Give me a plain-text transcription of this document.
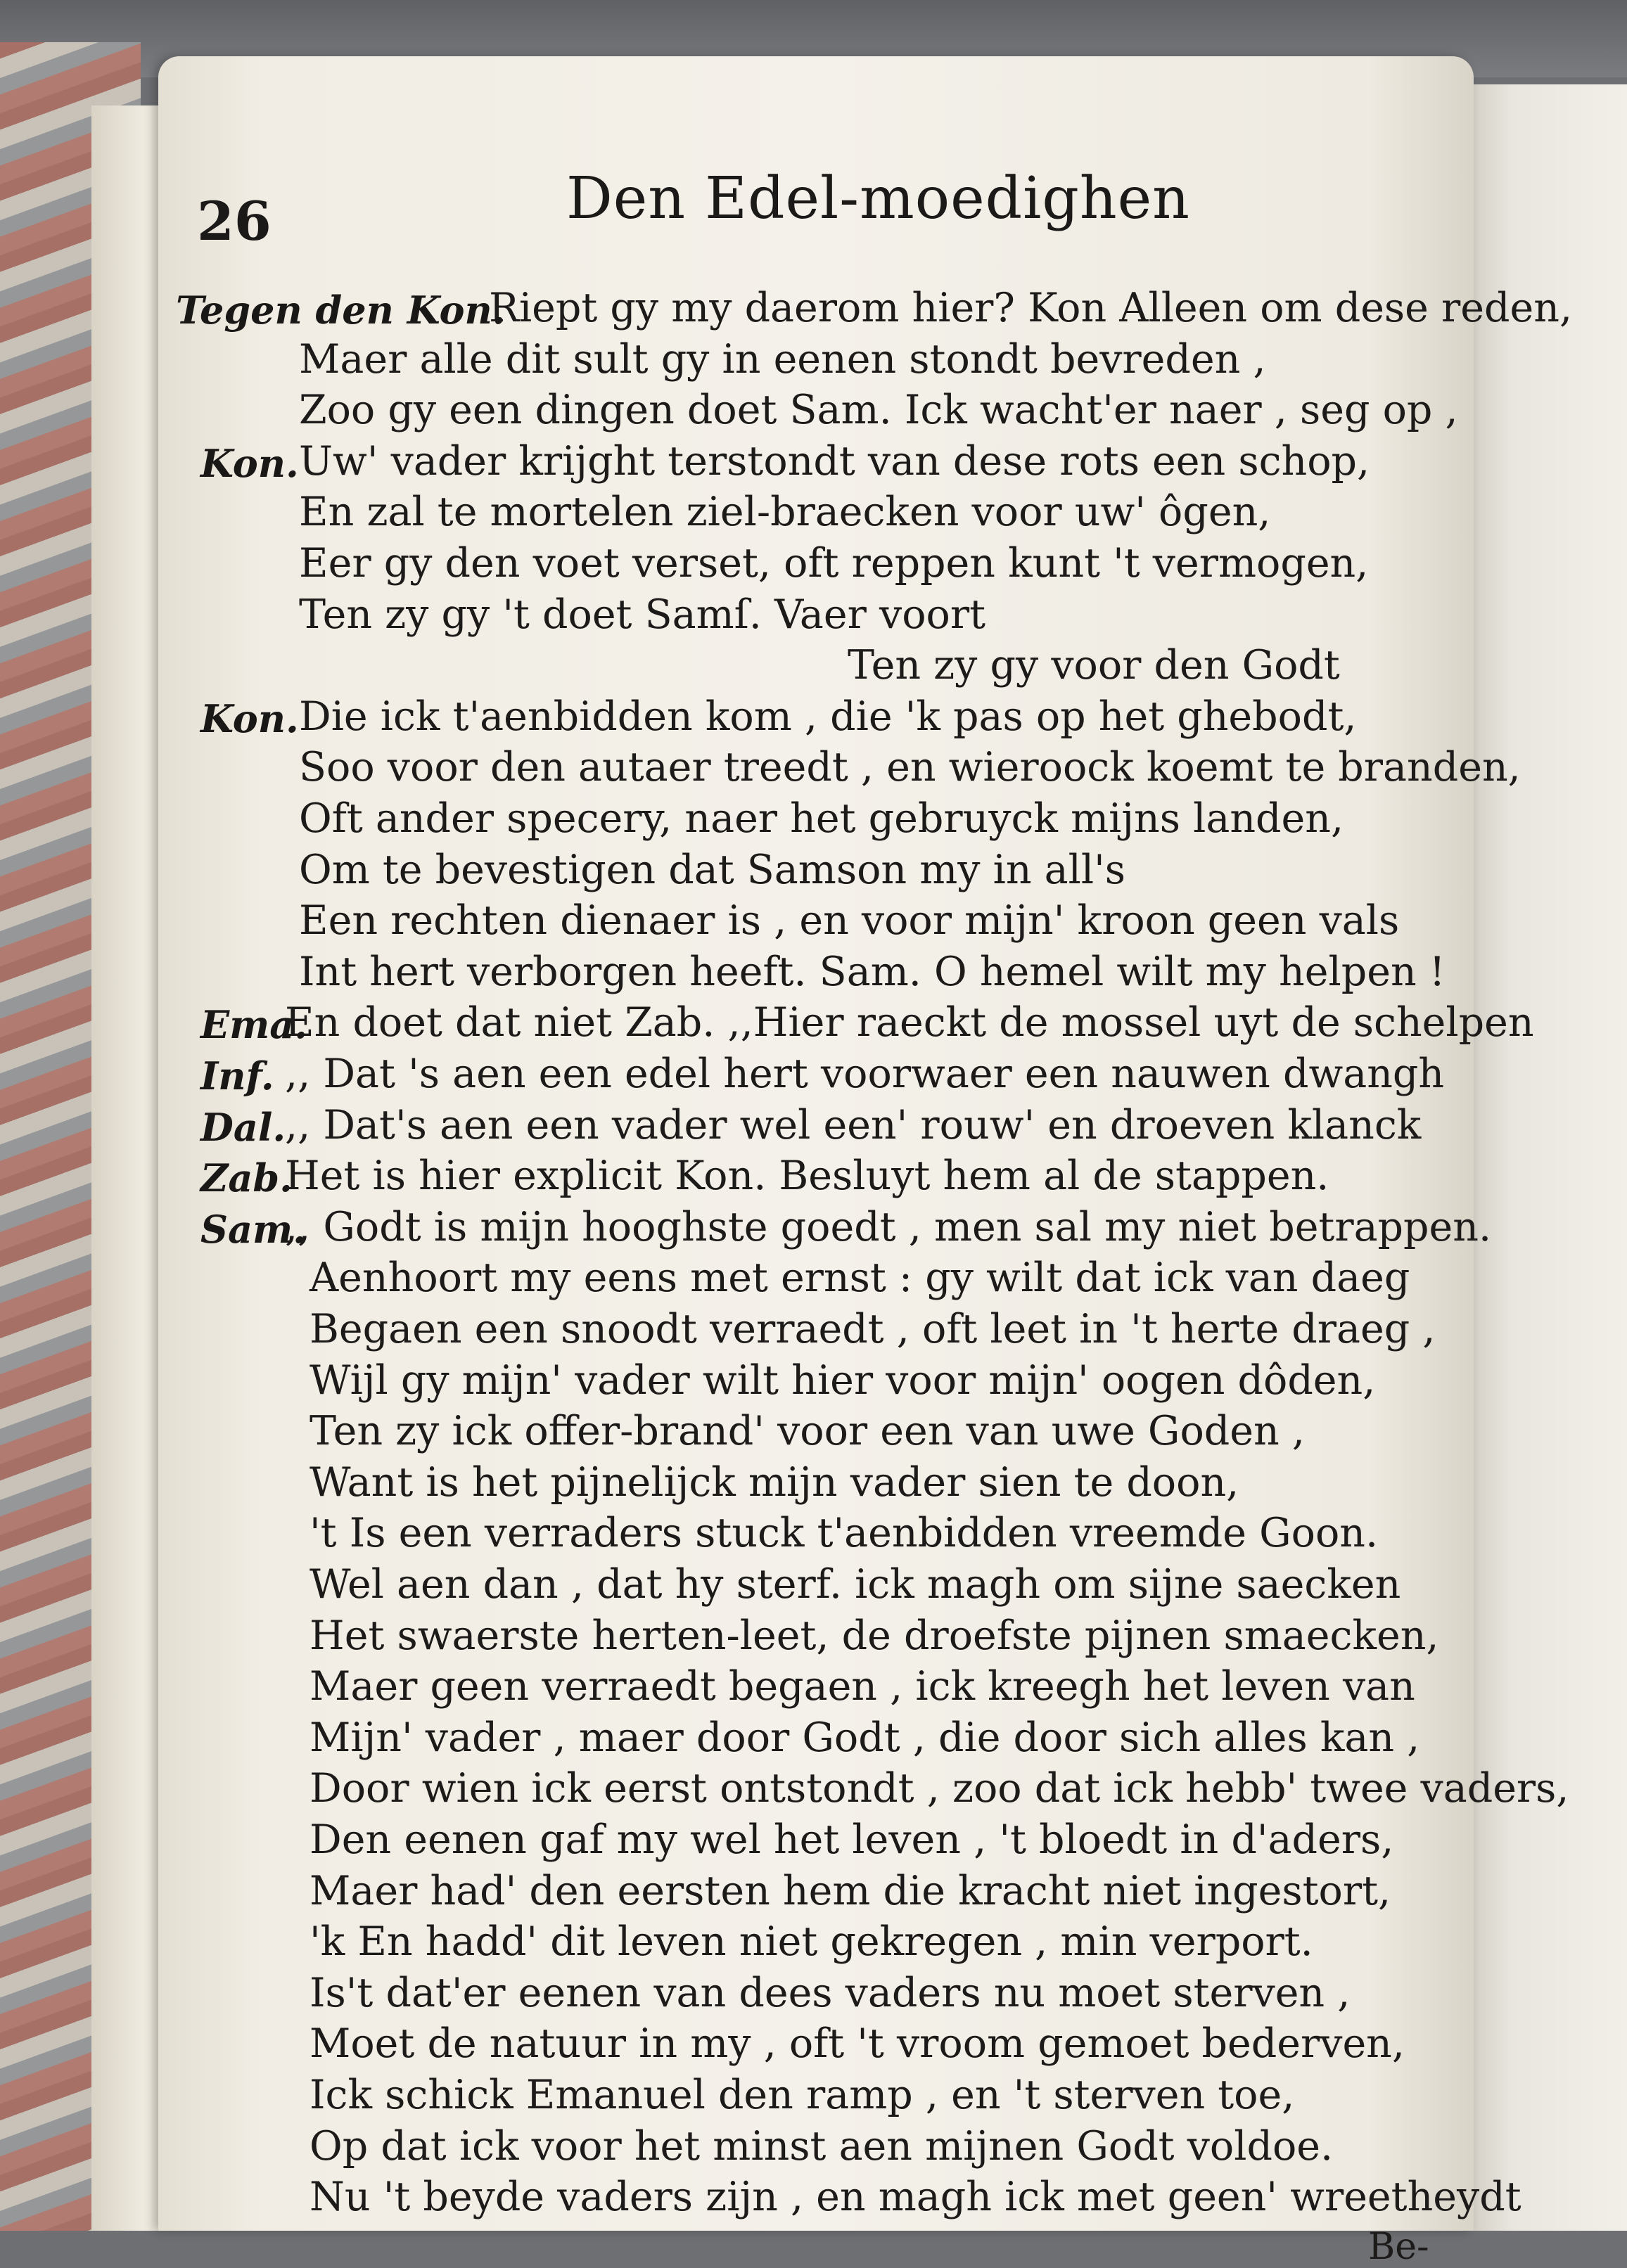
26	Den Edel-moedighen
Tegen den Kon.
Riept gy my daerom hier? Kon Alleen om dese reden,
Maer alle dit sult gy in eenen stondt bevreden ,
Zoo gy een dingen doet Sam. Ick wacht'er naer , seg op ,
Kon. Uw' vader krijght terstondt van dese rots een schop,
En zal te mortelen ziel-braecken voor uw' ôgen,
Eer gy den voet verset, oft reppen kunt 't vermogen,
Ten zy gy 't doet Samſ. Vaer voort
Ten zy gy voor den Godt
Kon. Die ick t'aenbidden kom , die 'k pas op het ghebodt,
Soo voor den autaer treedt , en wieroock koemt te branden,
Oft ander specery, naer het gebruyck mijns landen,
Om te bevestigen dat Samson my in all's
Een rechten dienaer is , en voor mijn' kroon geen vals
Int hert verborgen heeft. Sam. O hemel wilt my helpen !
Ema.
En doet dat niet Zab. ,,Hier raeckt de mossel uyt de schelpen
Inf. ,, Dat 's aen een edel hert voorwaer een nauwen dwangh
Dal.
,, Dat's aen een vader wel een' rouw' en droeven klanck
Zab.
Het is hier explicit Kon. Besluyt hem al de stappen.
Sam.
,, Godt is mijn hooghste goedt , men sal my niet betrappen.
Aenhoort my eens met ernst : gy wilt dat ick van daeg
Begaen een snoodt verraedt , oft leet in 't herte draeg ,
Wijl gy mijn' vader wilt hier voor mijn' oogen dôden,
Ten zy ick offer-brand' voor een van uwe Goden ,
Want is het pijnelijck mijn vader sien te doon,
't Is een verraders stuck t'aenbidden vreemde Goon.
Wel aen dan , dat hy sterf. ick magh om sijne saecken
Het swaerste herten-leet, de droefste pijnen smaecken,
Maer geen verraedt begaen , ick kreegh het leven van
Mijn' vader , maer door Godt , die door sich alles kan ,
Door wien ick eerst ontstondt , zoo dat ick hebb' twee vaders,
Den eenen gaf my wel het leven , 't bloedt in d'aders,
Maer had' den eersten hem die kracht niet ingestort,
'k En hadd' dit leven niet gekregen , min verport.
Is't dat'er eenen van dees vaders nu moet sterven ,
Moet de natuur in my , oft 't vroom gemoet bederven,
Ick schick Emanuel den ramp , en 't sterven toe,
Op dat ick voor het minst aen mijnen Godt voldoe.
Nu 't beyde vaders zijn , en magh ick met geen' wreetheydt
Be-
